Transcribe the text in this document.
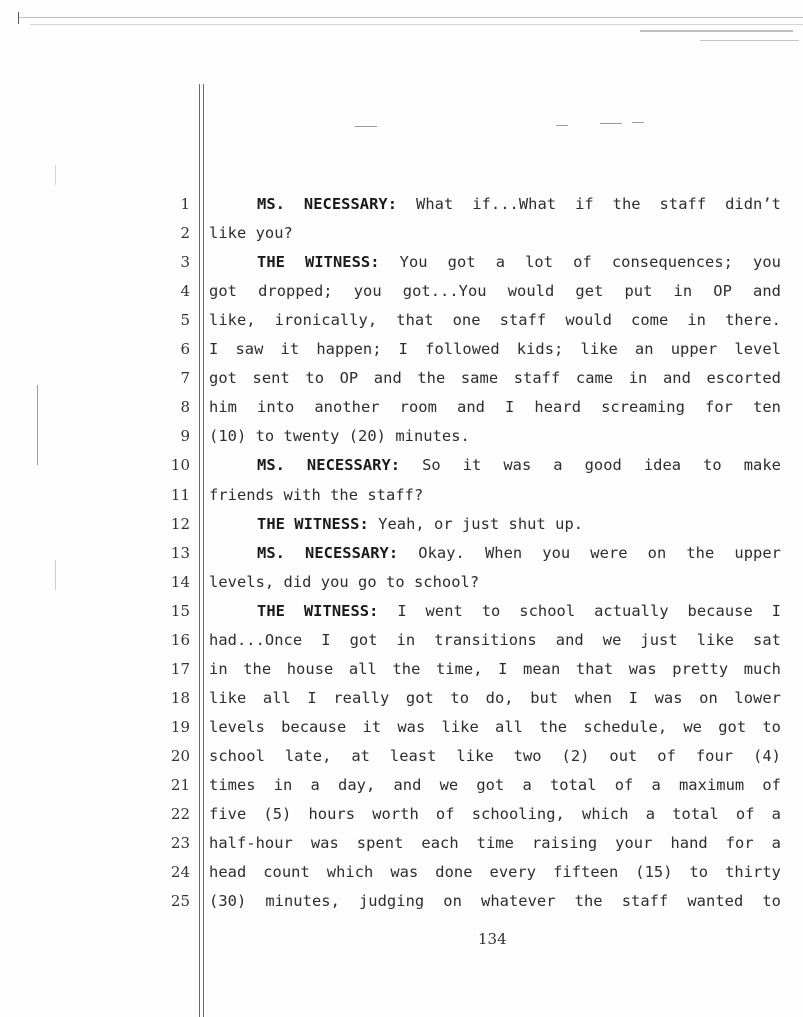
1	MS. NECESSARY: What if...What if the staff didn’t
2 like you?
3	THE WITNESS: You got a lot of consequences; you
4 got dropped; you got...You would get put in OP and
5 like, ironically, that one staff would come in there.
6 I saw it happen; I followed kids; like an upper level
7 got sent to OP and the same staff came in and escorted
8 him into another room and I heard screaming for ten
9 (10) to twenty (20) minutes.
10	MS. NECESSARY: So it was a good idea to make
11 friends with the staff?
12	THE WITNESS: Yeah, or just shut up.
13	MS. NECESSARY: Okay. When you were on the upper
14 levels, did you go to school?
15	THE WITNESS: I went to school actually because I
16 had...Once I got in transitions and we just like sat
17 in the house all the time, I mean that was pretty much
18 like all I really got to do, but when I was on lower
19 levels because it was like all the schedule, we got to
20 school late, at least like two (2) out of four (4)
21 times in a day, and we got a total of a maximum of
22 five (5) hours worth of schooling, which a total of a
23 half-hour was spent each time raising your hand for a
24 head count which was done every fifteen (15) to thirty
25 (30) minutes, judging on whatever the staff wanted to
134
